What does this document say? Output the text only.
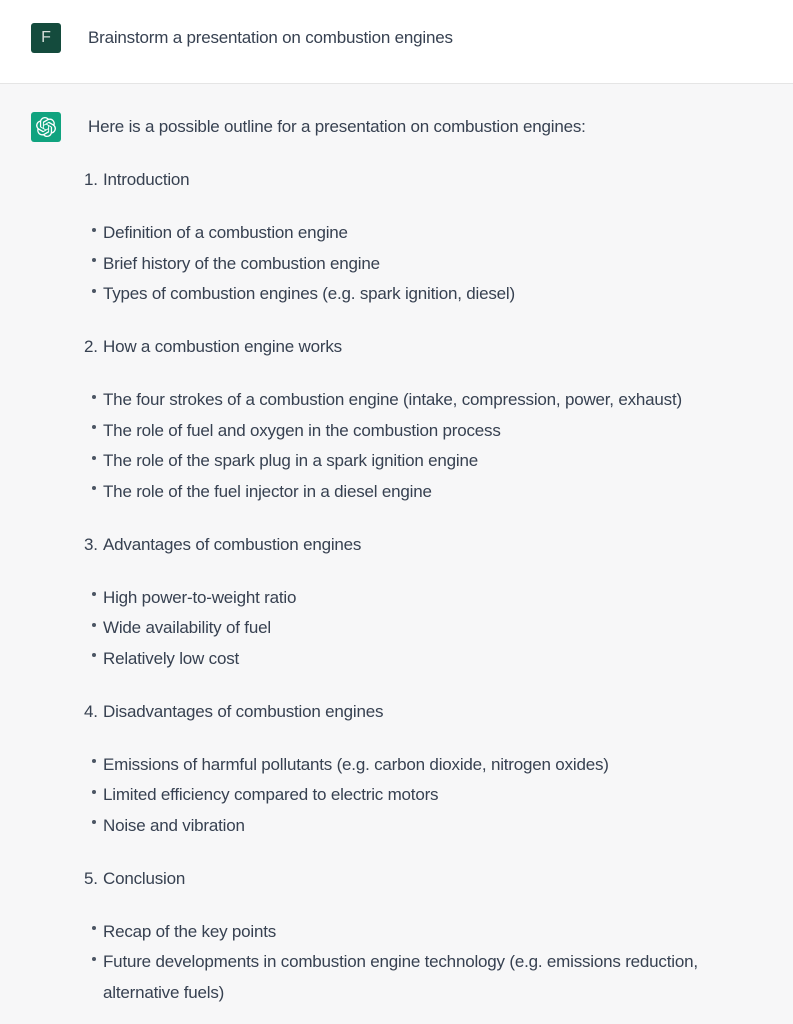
F Brainstorm a presentation on combustion engines

Here is a possible outline for a presentation on combustion engines:

1. Introduction
Definition of a combustion engine
Brief history of the combustion engine
Types of combustion engines (e.g. spark ignition, diesel)
2. How a combustion engine works
The four strokes of a combustion engine (intake, compression, power, exhaust)
The role of fuel and oxygen in the combustion process
The role of the spark plug in a spark ignition engine
The role of the fuel injector in a diesel engine
3. Advantages of combustion engines
High power-to-weight ratio
Wide availability of fuel
Relatively low cost
4. Disadvantages of combustion engines
Emissions of harmful pollutants (e.g. carbon dioxide, nitrogen oxides)
Limited efficiency compared to electric motors
Noise and vibration
5. Conclusion
Recap of the key points
Future developments in combustion engine technology (e.g. emissions reduction, alternative fuels)
